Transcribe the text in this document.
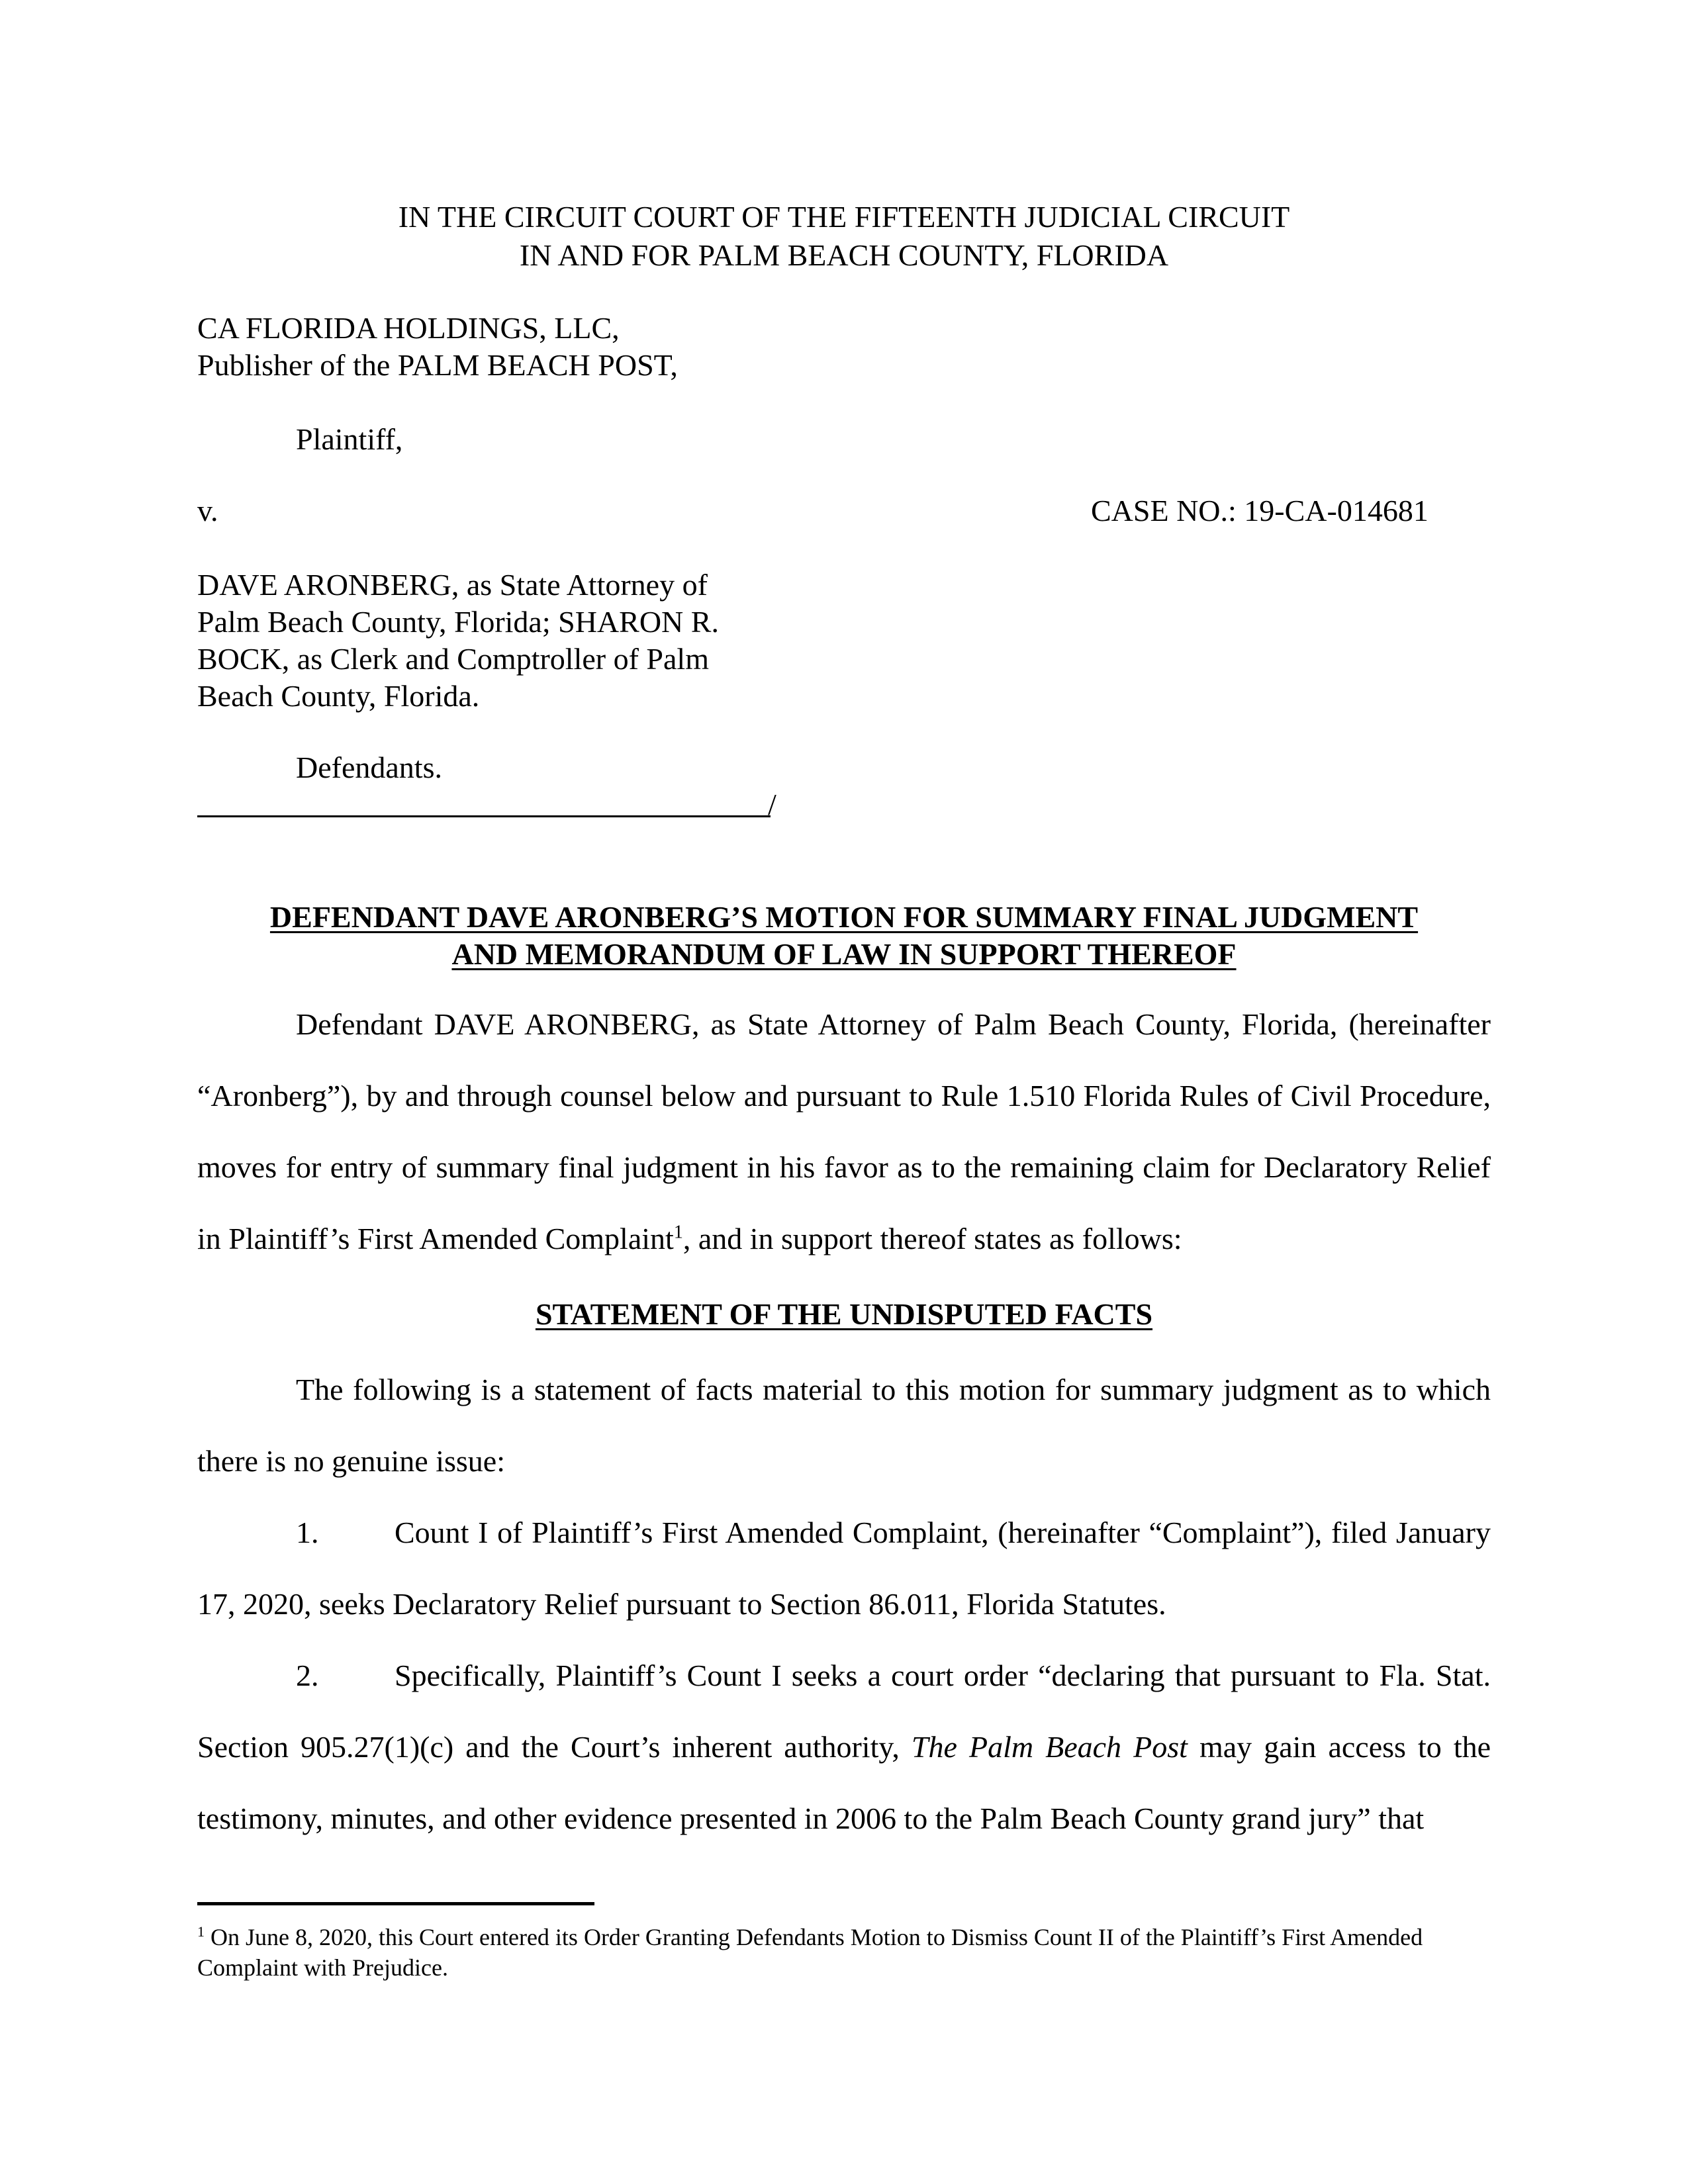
IN THE CIRCUIT COURT OF THE FIFTEENTH JUDICIAL CIRCUIT
IN AND FOR PALM BEACH COUNTY, FLORIDA
CA FLORIDA HOLDINGS, LLC,
Publisher of the PALM BEACH POST,
Plaintiff,
v.	CASE NO.: 19-CA-014681
DAVE ARONBERG, as State Attorney of
Palm Beach County, Florida; SHARON R.
BOCK, as Clerk and Comptroller of Palm
Beach County, Florida.
Defendants.
/
DEFENDANT DAVE ARONBERG’S MOTION FOR SUMMARY FINAL JUDGMENT
AND MEMORANDUM OF LAW IN SUPPORT THEREOF
Defendant DAVE ARONBERG, as State Attorney of Palm Beach County, Florida, (hereinafter “Aronberg”), by and through counsel below and pursuant to Rule 1.510 Florida Rules of Civil Procedure, moves for entry of summary final judgment in his favor as to the remaining claim for Declaratory Relief in Plaintiff’s First Amended Complaint$^1$, and in support thereof states as follows:
STATEMENT OF THE UNDISPUTED FACTS
The following is a statement of facts material to this motion for summary judgment as to which there is no genuine issue:
1. Count I of Plaintiff’s First Amended Complaint, (hereinafter “Complaint”), filed January 17, 2020, seeks Declaratory Relief pursuant to Section 86.011, Florida Statutes.
2. Specifically, Plaintiff’s Count I seeks a court order “declaring that pursuant to Fla. Stat. Section 905.27(1)(c) and the Court’s inherent authority, The Palm Beach Post may gain access to the testimony, minutes, and other evidence presented in 2006 to the Palm Beach County grand jury” that
$^1$ On June 8, 2020, this Court entered its Order Granting Defendants Motion to Dismiss Count II of the Plaintiff’s First Amended Complaint with Prejudice.
